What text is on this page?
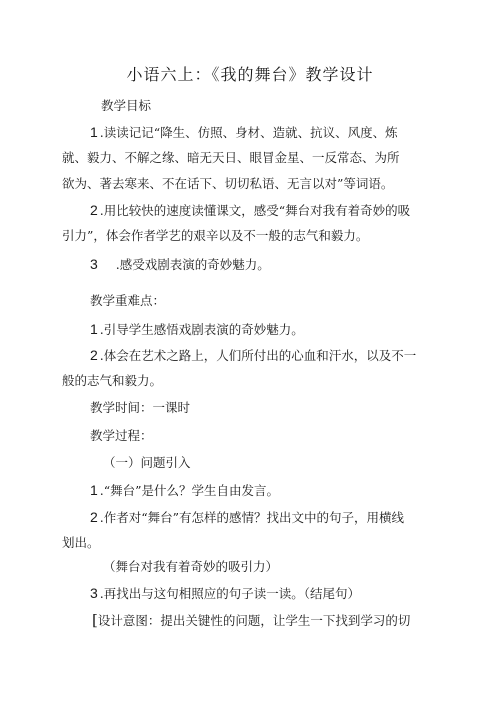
小语六上：《我的舞台》教学设计
教学目标
1 .读读记记“降生、仿照、身材、造就、抗议、风度、炼
就、毅力、不解之缘、暗无天日、眼冒金星、一反常态、为所
欲为、著去寒来、不在话下、切切私语、无言以对”等词语。
2 .用比较快的速度读懂课文，感受“舞台对我有着奇妙的吸
引力”，体会作者学艺的艰辛以及不一般的志气和毅力。
3 .感受戏剧表演的奇妙魅力。
教学重难点：
1 .引导学生感悟戏剧表演的奇妙魅力。
2 .体会在艺术之路上，人们所付出的心血和汗水，以及不一
般的志气和毅力。
教学时间：一课时
教学过程：
（一）问题引入
1 .“舞台”是什么？学生自由发言。
2 .作者对“舞台”有怎样的感情？找出文中的句子，用横线
划出。
（舞台对我有着奇妙的吸引力）
3 .再找出与这句相照应的句子读一读。（结尾句）
[设计意图：提出关键性的问题，让学生一下找到学习的切
